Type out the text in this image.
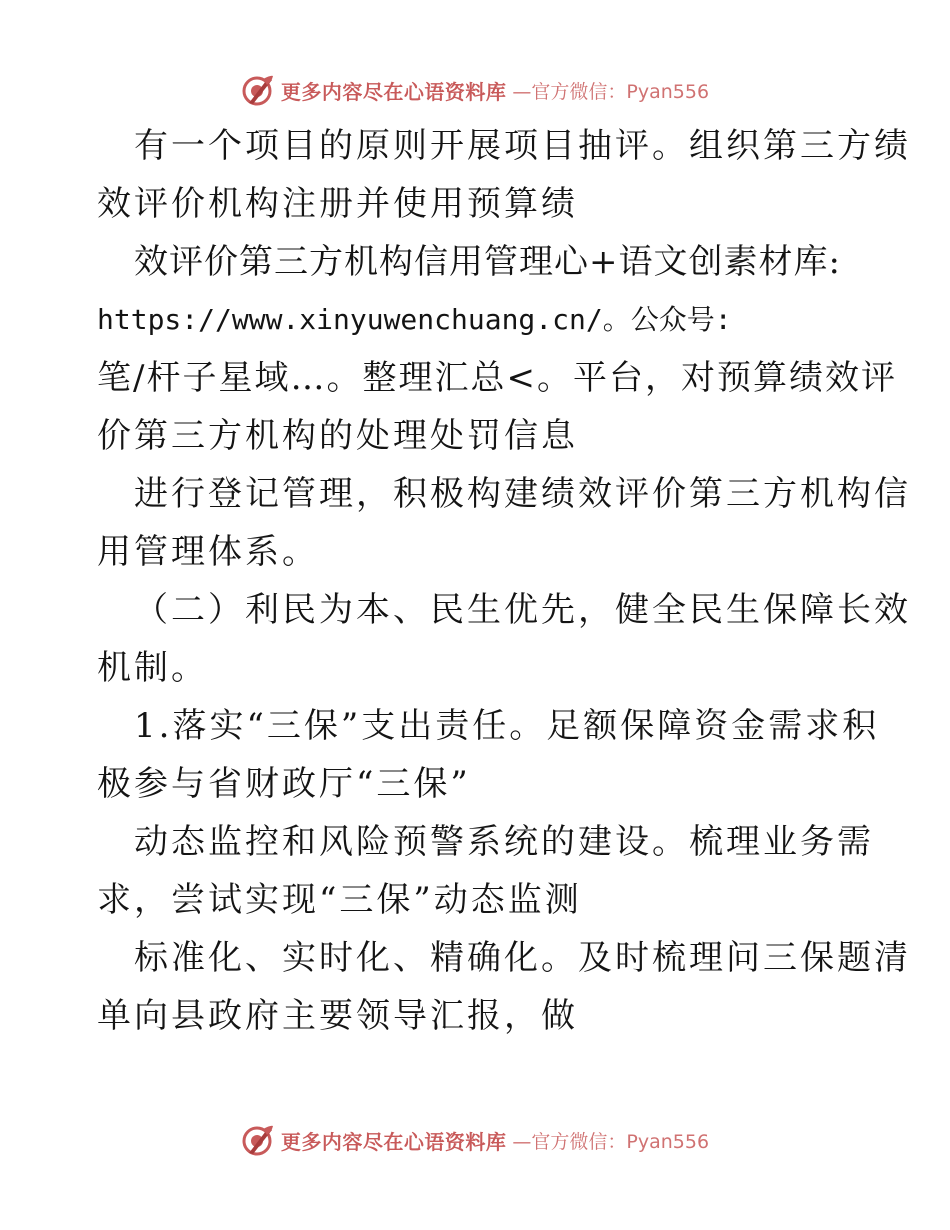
更多内容尽在心语资料库 —官方微信：Pyan556
有一个项目的原则开展项目抽评。组织第三方绩
效评价机构注册并使用预算绩
效评价第三方机构信用管理心+语文创素材库:
https://www.xinyuwenchuang.cn/。公众号:
笔/杆子星域…。整理汇总<。平台，对预算绩效评
价第三方机构的处理处罚信息
进行登记管理，积极构建绩效评价第三方机构信
用管理体系。
（二）利民为本、民生优先，健全民生保障长效
机制。
1.落实“三保”支出责任。足额保障资金需求积
极参与省财政厅“三保”
动态监控和风险预警系统的建设。梳理业务需
求，尝试实现“三保”动态监测
标准化、实时化、精确化。及时梳理问三保题清
单向县政府主要领导汇报，做
更多内容尽在心语资料库 —官方微信：Pyan556
